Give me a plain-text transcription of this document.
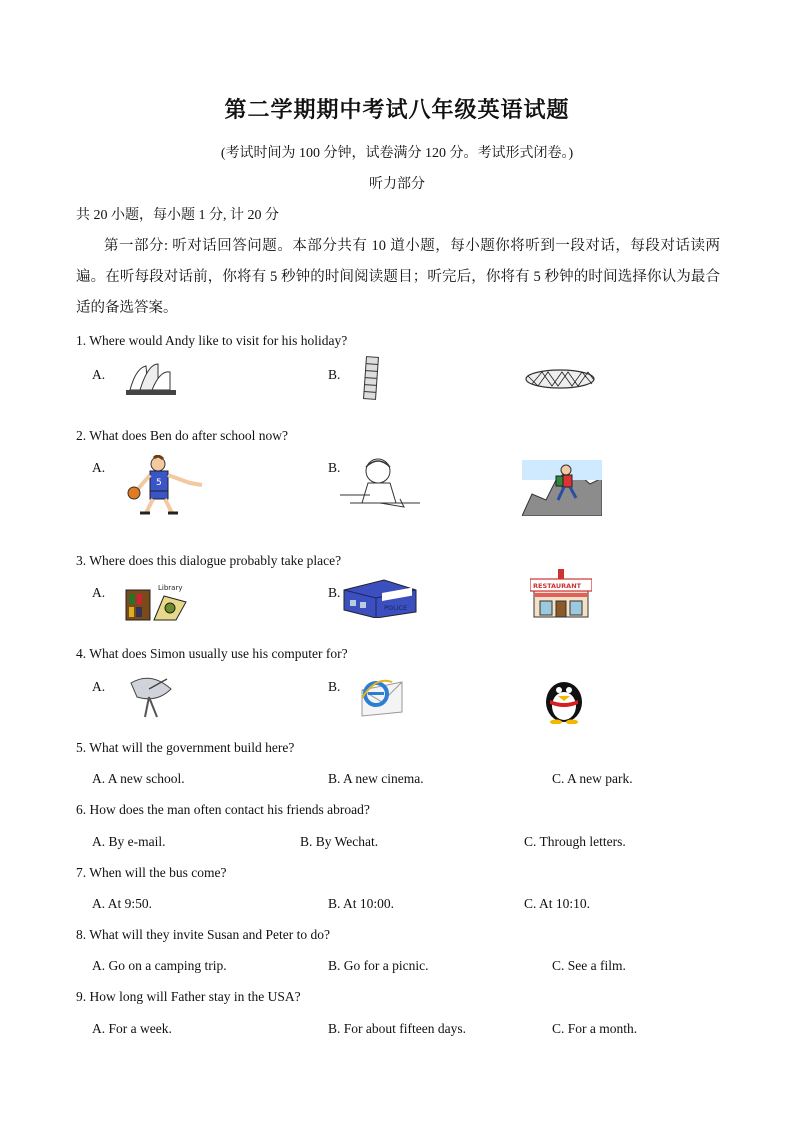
第二学期期中考试八年级英语试题
(考试时间为 100 分钟，试卷满分 120 分。考试形式闭卷。)
听力部分
共 20 小题，每小题 1 分, 计 20 分
第一部分: 听对话回答问题。本部分共有 10 道小题，每小题你将听到一段对话，每段对话读两遍。在听每段对话前，你将有 5 秒钟的时间阅读题目；听完后，你将有 5 秒钟的时间选择你认为最合适的备选答案。
1. Where would Andy like to visit for his holiday?
A.	B.
2. What does Ben do after school now?
A.	B.
5
3. Where does this dialogue probably take place?
A.	B.
Library
POLICE
RESTAURANT
4. What does Simon usually use his computer for?
A.	B.
5. What will the government build here?
A. A new school.	B. A new cinema.	C. A new park.
6. How does the man often contact his friends abroad?
A. By e-mail.	B. By Wechat.	C. Through letters.
7. When will the bus come?
A. At 9:50.	B. At 10:00.	C. At 10:10.
8. What will they invite Susan and Peter to do?
A. Go on a camping trip.	B. Go for a picnic.	C. See a film.
9. How long will Father stay in the USA?
A. For a week.	B. For about fifteen days.	C. For a month.
